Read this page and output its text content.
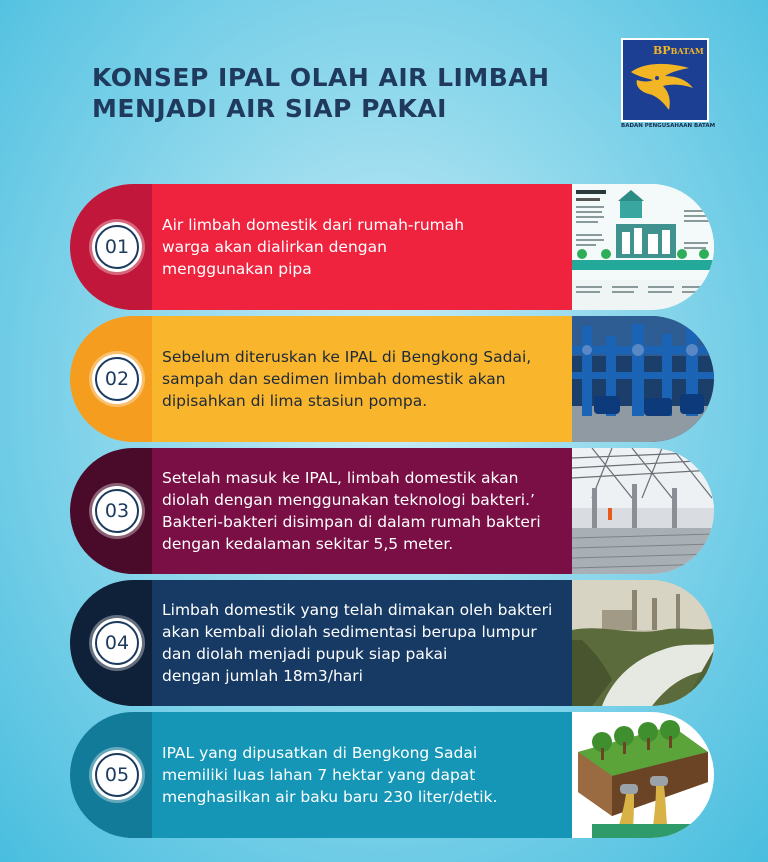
KONSEP IPAL OLAH AIR LIMBAH
MENJADI AIR SIAP PAKAI
BPBATAM
BADAN PENGUSAHAAN BATAM
01
Air limbah domestik dari rumah-rumah
warga akan dialirkan dengan
menggunakan pipa
02
Sebelum diteruskan ke IPAL di Bengkong Sadai,
sampah dan sedimen limbah domestik akan
dipisahkan di lima stasiun pompa.
03
Setelah masuk ke IPAL, limbah domestik akan
diolah dengan menggunakan teknologi bakteri.’
Bakteri-bakteri disimpan di dalam rumah bakteri
dengan kedalaman sekitar 5,5 meter.
04
Limbah domestik yang telah dimakan oleh bakteri
akan kembali diolah sedimentasi berupa lumpur
dan diolah menjadi pupuk siap pakai
dengan jumlah 18m3/hari
05
IPAL yang dipusatkan di Bengkong Sadai
memiliki luas lahan 7 hektar yang dapat
menghasilkan air baku baru 230 liter/detik.
